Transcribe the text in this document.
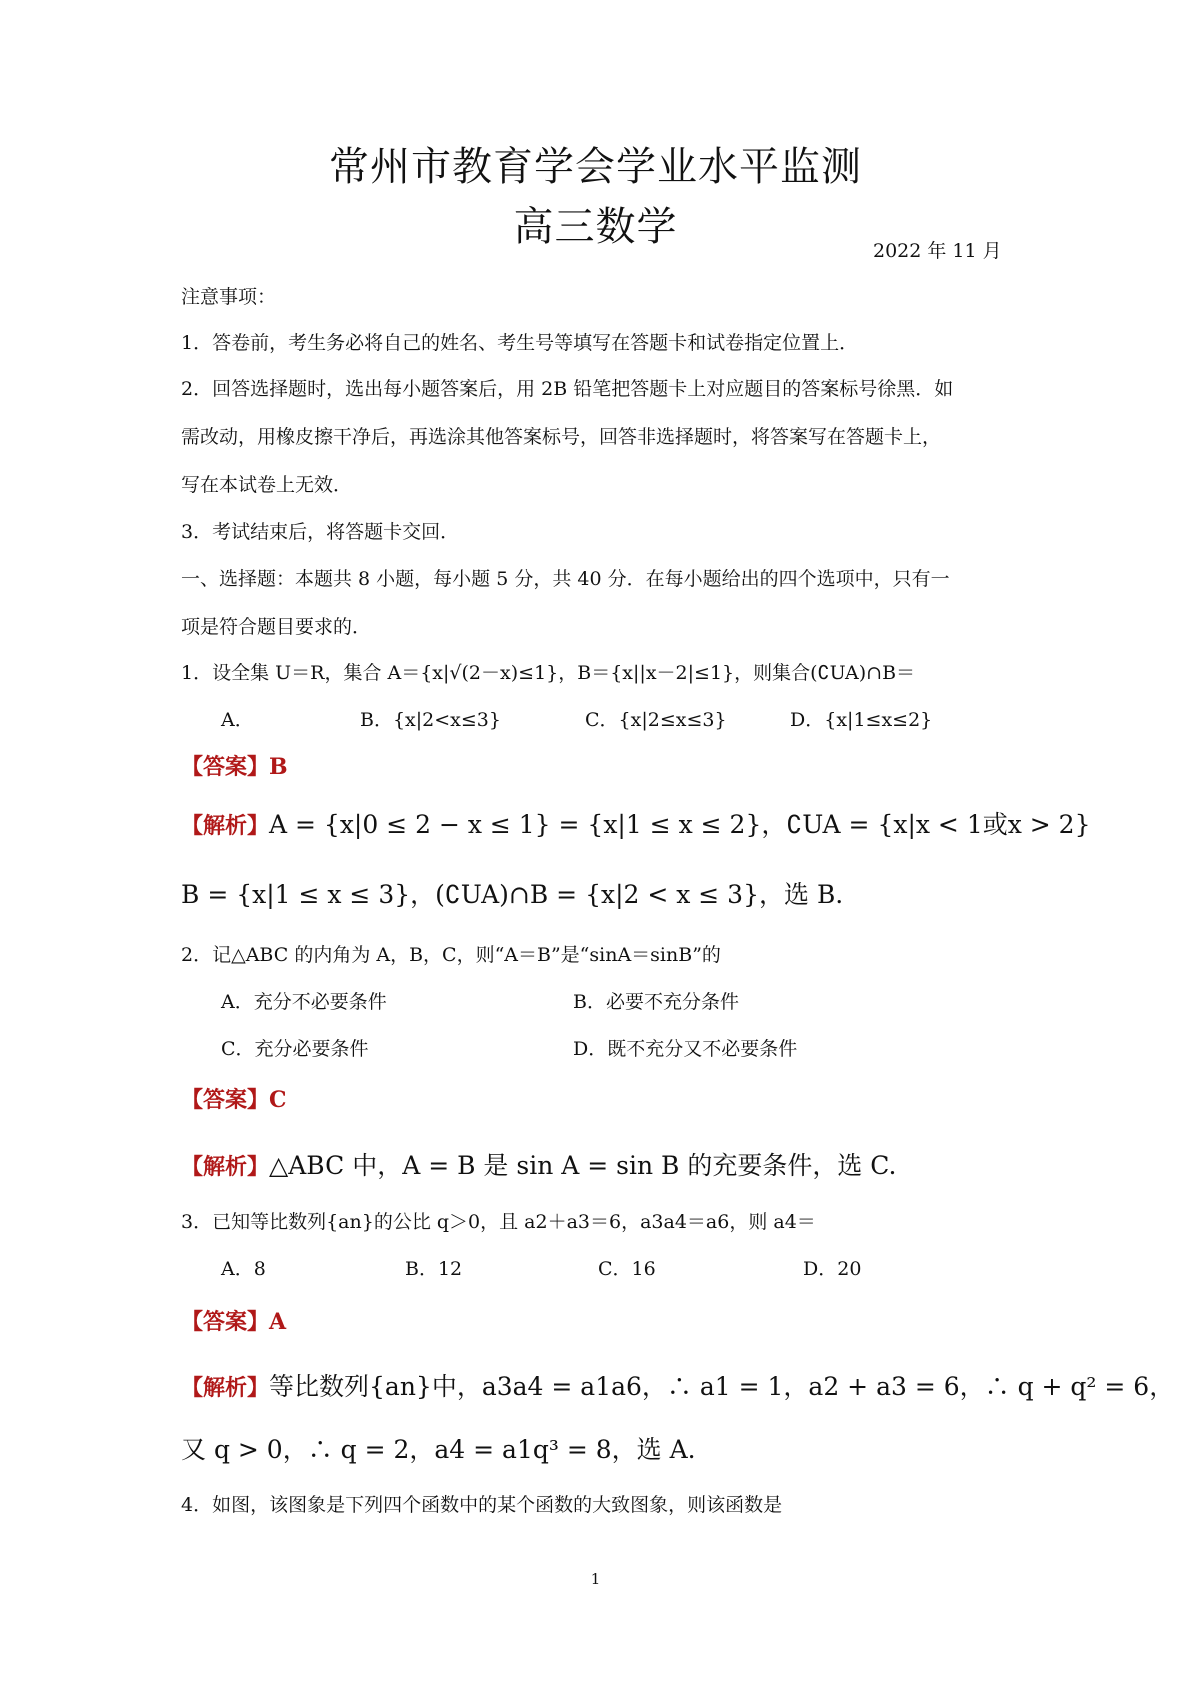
常州市教育学会学业水平监测
高三数学
2022 年 11 月
注意事项：
1．答卷前，考生务必将自己的姓名、考生号等填写在答题卡和试卷指定位置上．
2．回答选择题时，选出每小题答案后，用 2B 铅笔把答题卡上对应题目的答案标号徐黑．如
需改动，用橡皮擦干净后，再选涂其他答案标号，回答非选择题时，将答案写在答题卡上，
写在本试卷上无效．
3．考试结束后，将答题卡交回．
一、选择题：本题共 8 小题，每小题 5 分，共 40 分．在每小题给出的四个选项中，只有一
项是符合题目要求的．
1．设全集 U＝R，集合 A＝{x|√(2－x)≤1}，B＝{x||x－2|≤1}，则集合(∁UA)∩B＝
A．	B．{x|2<x≤3}	C．{x|2≤x≤3}	D．{x|1≤x≤2}
【答案】B
【解析】A = {x|0 ≤ 2 − x ≤ 1} = {x|1 ≤ x ≤ 2}，∁UA = {x|x < 1或x > 2}
B = {x|1 ≤ x ≤ 3}，(∁UA)∩B = {x|2 < x ≤ 3}，选 B.
2．记△ABC 的内角为 A，B，C，则“A＝B”是“sinA＝sinB”的
A．充分不必要条件	B．必要不充分条件
C．充分必要条件	D．既不充分又不必要条件
【答案】C
【解析】△ABC 中，A = B 是 sin A = sin B 的充要条件，选 C.
3．已知等比数列{an}的公比 q＞0，且 a2＋a3＝6，a3a4＝a6，则 a4＝
A．8	B．12	C．16	D．20
【答案】A
【解析】等比数列{an}中，a3a4 = a1a6，∴ a1 = 1，a2 + a3 = 6，∴ q + q² = 6，
又 q > 0，∴ q = 2，a4 = a1q³ = 8，选 A.
4．如图，该图象是下列四个函数中的某个函数的大致图象，则该函数是
1
